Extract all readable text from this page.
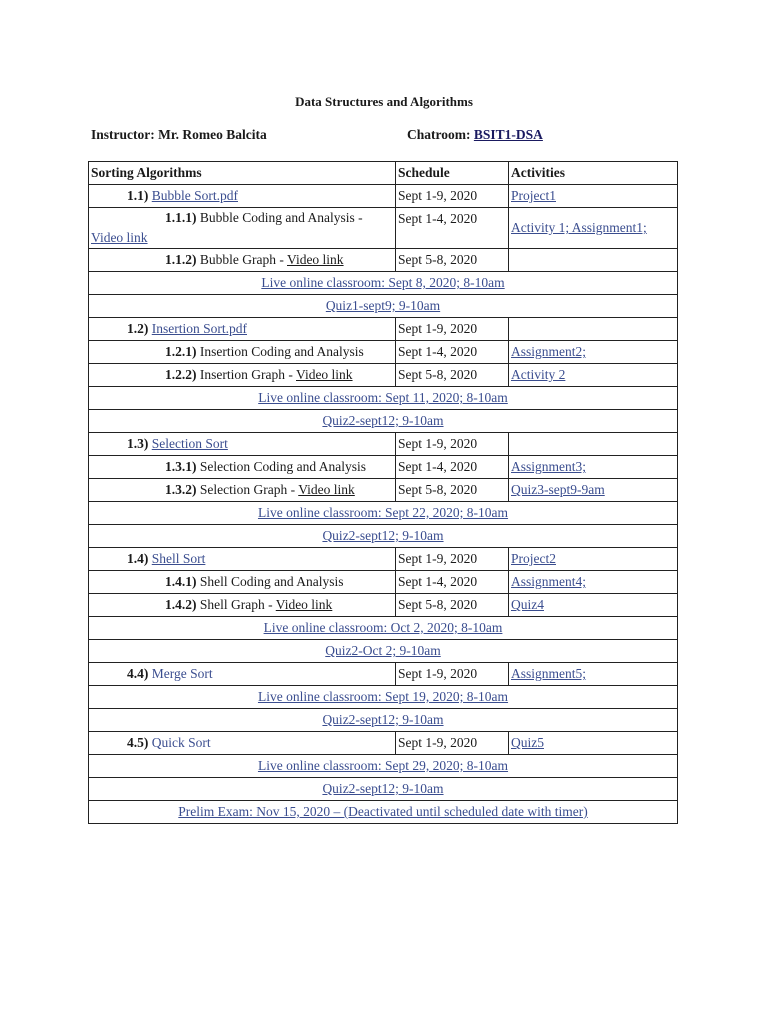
Data Structures and Algorithms
Instructor: Mr. Romeo Balcita	Chatroom: BSIT1-DSA
Sorting Algorithms	Schedule	Activities
1.1) Bubble Sort.pdf	Sept 1-9, 2020	Project1
1.1.1) Bubble Coding and Analysis -
Video link	Sept 1-4, 2020	Activity 1; Assignment1;
1.1.2) Bubble Graph - Video link	Sept 5-8, 2020	
Live online classroom: Sept 8, 2020; 8-10am		
Quiz1-sept9; 9-10am		
1.2) Insertion Sort.pdf	Sept 1-9, 2020	
1.2.1) Insertion Coding and Analysis	Sept 1-4, 2020	Assignment2;
1.2.2) Insertion Graph - Video link	Sept 5-8, 2020	Activity 2
Live online classroom: Sept 11, 2020; 8-10am		
Quiz2-sept12; 9-10am		
1.3) Selection Sort	Sept 1-9, 2020	
1.3.1) Selection Coding and Analysis	Sept 1-4, 2020	Assignment3;
1.3.2) Selection Graph - Video link	Sept 5-8, 2020	Quiz3-sept9-9am
Live online classroom: Sept 22, 2020; 8-10am		
Quiz2-sept12; 9-10am		
1.4) Shell Sort	Sept 1-9, 2020	Project2
1.4.1) Shell Coding and Analysis	Sept 1-4, 2020	Assignment4;
1.4.2) Shell Graph - Video link	Sept 5-8, 2020	Quiz4
Live online classroom: Oct 2, 2020; 8-10am		
Quiz2-Oct 2; 9-10am		
4.4) Merge Sort	Sept 1-9, 2020	Assignment5;
Live online classroom: Sept 19, 2020; 8-10am		
Quiz2-sept12; 9-10am		
4.5) Quick Sort	Sept 1-9, 2020	Quiz5
Live online classroom: Sept 29, 2020; 8-10am		
Quiz2-sept12; 9-10am		
Prelim Exam: Nov 15, 2020 – (Deactivated until scheduled date with timer)		
